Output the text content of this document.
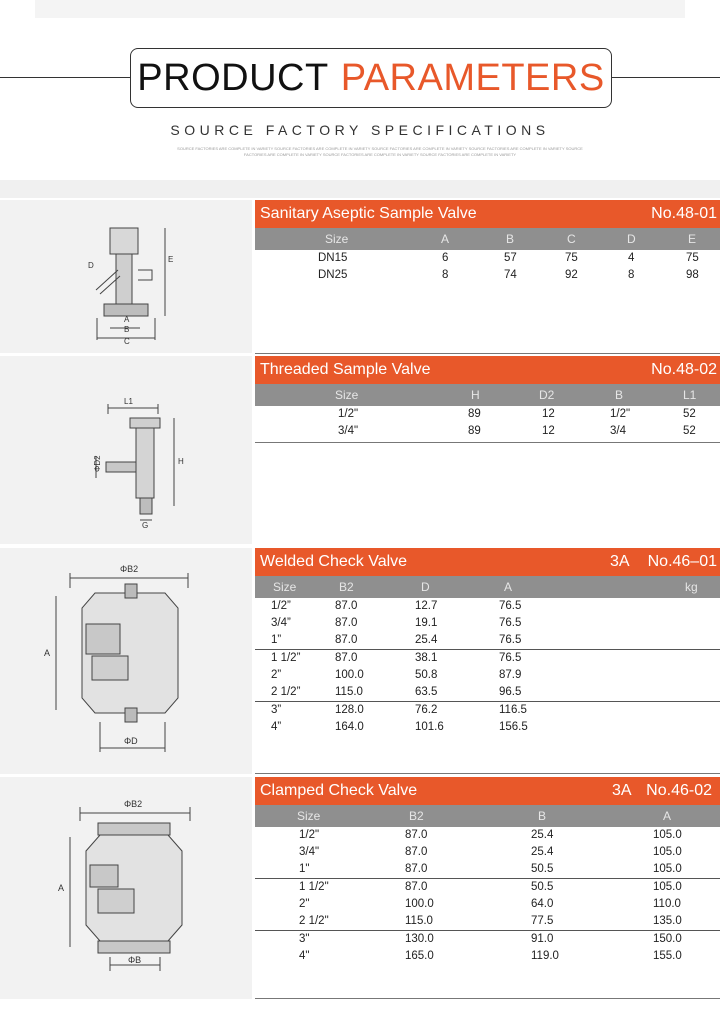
PRODUCT PARAMETERS
SOURCE FACTORY SPECIFICATIONS
SOURCE FACTORIES ARE COMPLETE IN VARIETY SOURCE FACTORIES ARE COMPLETE IN VARIETY SOURCE FACTORIES ARE COMPLETE IN VARIETY SOURCE FACTORIES ARE COMPLETE IN VARIETY SOURCE
FACTORIES ARE COMPLETE IN VARIETY SOURCE FACTORIES ARE COMPLETE IN VARIETY SOURCE FACTORIES ARE COMPLETE IN VARIETY
D
E
A
B
C
Sanitary Aseptic Sample Valve	No.48-01
Size	A	B	C	D	E
DN15	6	57	75	4	75
DN25	8	74	92	8	98
L1
ΦD2	H
G
Threaded Sample Valve	No.48-02
Size	H	D2	B	L1
1/2"	89	12	1/2"	52
3/4"	89	12	3/4	52
ΦB2
A
ΦD
Welded Check Valve	3A No.46–01
Size	B2	D	A	kg
1/2”	87.0	12.7	76.5
3/4”	87.0	19.1	76.5
1”	87.0	25.4	76.5
1 1/2”	87.0	38.1	76.5
2”	100.0	50.8	87.9
2 1/2”	115.0	63.5	96.5
3”	128.0	76.2	116.5
4”	164.0	101.6	156.5
ΦB2
A
ΦB
Clamped Check Valve	3A No.46-02
Size	B2	B	A
1/2"	87.0	25.4	105.0
3/4"	87.0	25.4	105.0
1"	87.0	50.5	105.0
1 1/2"	87.0	50.5	105.0
2"	100.0	64.0	110.0
2 1/2"	115.0	77.5	135.0
3"	130.0	91.0	150.0
4"	165.0	119.0	155.0
